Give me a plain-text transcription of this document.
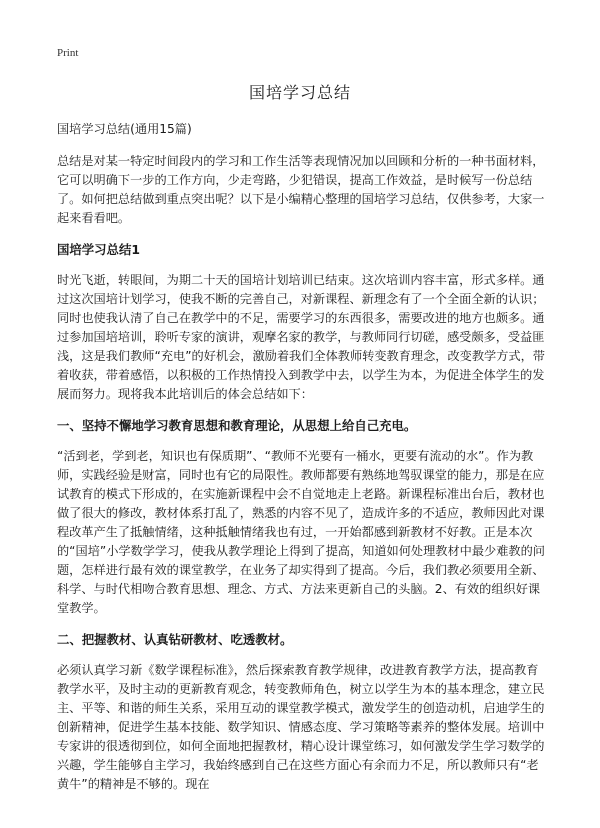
Print
国培学习总结

国培学习总结(通用15篇)

总结是对某一特定时间段内的学习和工作生活等表现情况加以回顾和分析的一种书面材料，它可以明确下一步的工作方向，少走弯路，少犯错误，提高工作效益，是时候写一份总结了。如何把总结做到重点突出呢？以下是小编精心整理的国培学习总结，仅供参考，大家一起来看看吧。

国培学习总结1

时光飞逝，转眼间，为期二十天的国培计划培训已结束。这次培训内容丰富，形式多样。通过这次国培计划学习，使我不断的完善自己，对新课程、新理念有了一个全面全新的认识；同时也使我认清了自己在教学中的不足，需要学习的东西很多，需要改进的地方也颇多。通过参加国培培训，聆听专家的演讲，观摩名家的教学，与教师同行切磋，感受颇多，受益匪浅，这是我们教师“充电”的好机会，激励着我们全体教师转变教育理念，改变教学方式，带着收获，带着感悟，以积极的工作热情投入到教学中去，以学生为本，为促进全体学生的发展而努力。现将我本此培训后的体会总结如下：

一、坚持不懈地学习教育思想和教育理论，从思想上给自己充电。

“活到老，学到老，知识也有保质期”、“教师不光要有一桶水，更要有流动的水”。作为教师，实践经验是财富，同时也有它的局限性。教师都要有熟练地驾驭课堂的能力，那是在应试教育的模式下形成的，在实施新课程中会不自觉地走上老路。新课程标准出台后，教材也做了很大的修改，教材体系打乱了，熟悉的内容不见了，造成许多的不适应，教师因此对课程改革产生了抵触情绪，这种抵触情绪我也有过，一开始都感到新教材不好教。正是本次的“国培”小学数学学习，使我从教学理论上得到了提高，知道如何处理教材中最少难教的问题，怎样进行最有效的课堂教学，在业务了却实得到了提高。今后，我们教必须要用全新、科学、与时代相吻合教育思想、理念、方式、方法来更新自己的头脑。2、有效的组织好课堂教学。

二、把握教材、认真钻研教材、吃透教材。

必须认真学习新《数学课程标准》，然后探索教育教学规律，改进教育教学方法，提高教育教学水平，及时主动的更新教育观念，转变教师角色，树立以学生为本的基本理念，建立民主、平等、和谐的师生关系，采用互动的课堂教学模式，激发学生的创造动机，启迪学生的创新精神，促进学生基本技能、数学知识、情感态度、学习策略等素养的整体发展。培训中专家讲的很透彻到位，如何全面地把握教材，精心设计课堂练习，如何激发学生学习数学的兴趣，学生能够自主学习，我始终感到自己在这些方面心有余而力不足，所以教师只有“老黄牛”的精神是不够的。现在
